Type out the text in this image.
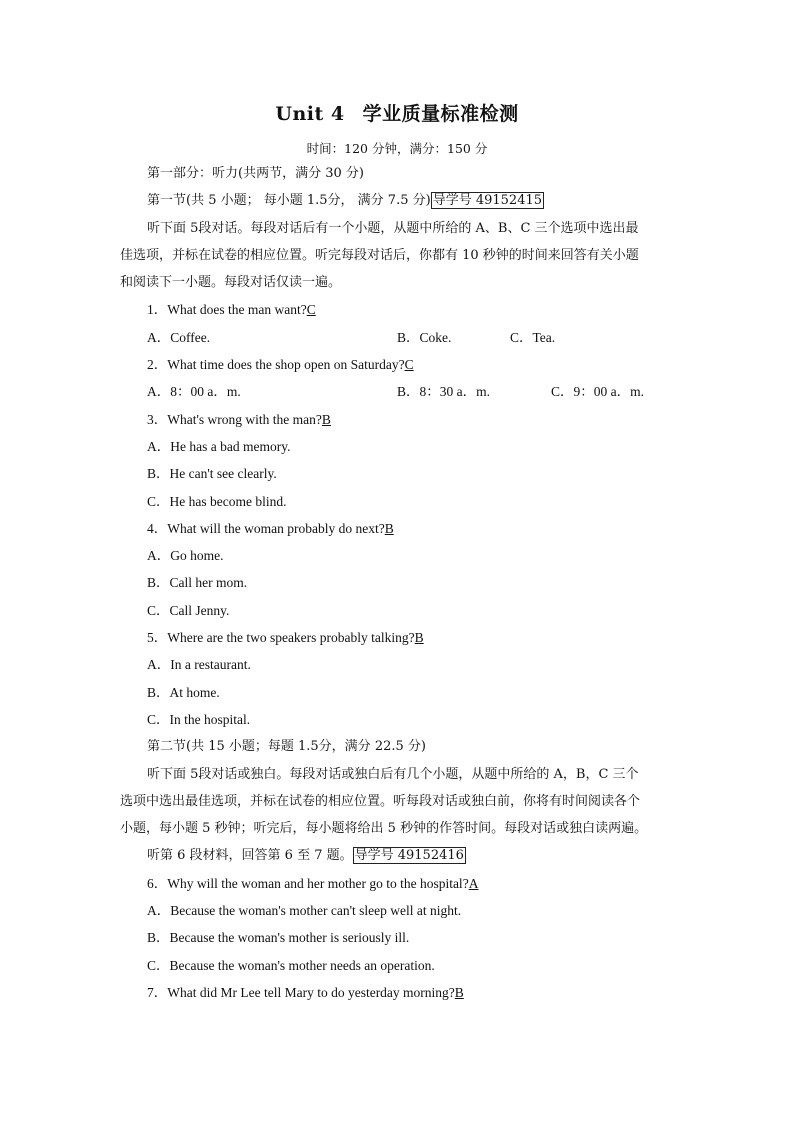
Unit 4 学业质量标准检测
时间：120 分钟，满分：150 分
第一部分：听力(共两节，满分 30 分)
第一节(共 5 小题； 每小题 1.5分， 满分 7.5 分) 导学号 49152415
听下面 5段对话。每段对话后有一个小题，从题中所给的 A、B、C 三个选项中选出最
佳选项，并标在试卷的相应位置。听完每段对话后，你都有 10 秒钟的时间来回答有关小题
和阅读下一小题。每段对话仅读一遍。
1．What does the man want?C
A．Coffee.	B．Coke.	C．Tea.
2．What time does the shop open on Saturday?C
A．8：00 a．m.	B．8：30 a．m.	C．9：00 a．m.
3．What's wrong with the man?B
A．He has a bad memory.
B．He can't see clearly.
C．He has become blind.
4．What will the woman probably do next?B
A．Go home.
B．Call her mom.
C．Call Jenny.
5．Where are the two speakers probably talking?B
A．In a restaurant.
B．At home.
C．In the hospital.
第二节(共 15 小题；每题 1.5分，满分 22.5 分)
听下面 5段对话或独白。每段对话或独白后有几个小题，从题中所给的 A，B，C 三个
选项中选出最佳选项，并标在试卷的相应位置。听每段对话或独白前，你将有时间阅读各个
小题，每小题 5 秒钟；听完后，每小题将给出 5 秒钟的作答时间。每段对话或独白读两遍。
听第 6 段材料，回答第 6 至 7 题。 导学号 49152416
6．Why will the woman and her mother go to the hospital?A
A．Because the woman's mother can't sleep well at night.
B．Because the woman's mother is seriously ill.
C．Because the woman's mother needs an operation.
7．What did Mr Lee tell Mary to do yesterday morning?B
